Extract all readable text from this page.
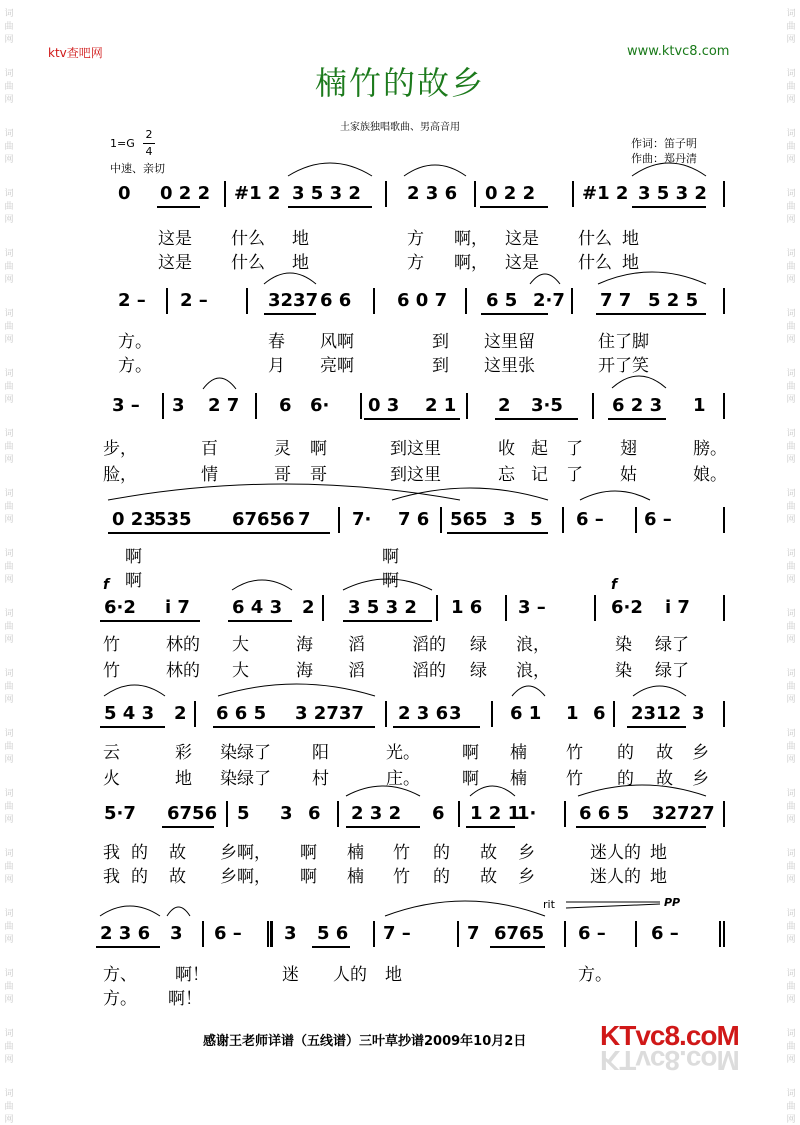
词
曲
网
词
曲
网
词
曲
网
词
曲
网
词
曲
网
词
曲
网
词
曲
网
词
曲
网
词
曲
网
词
曲
网
词
曲
网
词
曲
网
词
曲
网
词
曲
网
词
曲
网
词
曲
网
词
曲
网
词
曲
网
词
曲
网
词
曲
网
词
曲
网
词
曲
网
词
曲
网
词
曲
网
词
曲
网
词
曲
网
词
曲
网
词
曲
网
词
曲
网
词
曲
网
词
曲
网
词
曲
网
词
曲
网
词
曲
网
词
曲
网
词
曲
网
词
曲
网
词
曲
网
ktv查吧网	www.ktvc8.com
楠竹的故乡
土家族独唱歌曲、男高音用
1=G
2
4
中速、亲切
作词：笛子明
作曲：郑丹清
0 0 2 2 #1 2 3 5 3 2	2 3 6 0 2 2	#1 2 3 5 3 2
这是 什么 地	方 啊， 这是 什么 地
这是 什么 地	方 啊， 这是 什么 地
2 – 2 –	3237 6 6	6 0 7 6 5 2·7 7 7 5 2 5
方。	春 风啊	到 这里留	住了脚
方。	月 亮啊	到 这里张	开了笑
3 – 3 2 7 6 6· 0 3 2 1 2 3·5	6 2 3 1
步，	百	灵 啊	到这里	收 起 了 翅	膀。
脸，	情	哥 哥	到这里	忘 记 了 姑	娘。
0 23
535 67656 7 7· 7 6 565 3 5 6 – 6 –
啊	啊
啊	啊
6·2 i 7 6 4 3 2 3 5 3 2 1 6 3 –	6·2 i 7
竹	林的 大	海 滔	滔的 绿 浪，	染 绿了
竹	林的 大	海 滔	滔的 绿 浪，	染 绿了
5 4 3 2 6 6 5 3 2737 2 3 6 3	6 1 1 6 2312 3
云	彩 染绿了 阳	光。 啊 楠 竹 的 故 乡
火	地 染绿了 村	庄。 啊 楠 竹 的 故 乡
5·7 6756 5 3 6 2 3 2 6 1 2 1
1· 6 6 5 32727
我 的 故 乡啊， 啊 楠 竹 的 故 乡	迷人的 地
我 的 故 乡啊， 啊 楠 竹 的 故 乡	迷人的 地
2 3 6 3 6 – 3 5 6 7 –	7 6765 6 –	6 –
方、 啊！	迷 人的 地	方。
方。 啊！
f	f
rit	PP
感谢王老师详谱（五线谱）三叶草抄谱2009年10月2日	KTvc8.coM
KTvc8.coM
